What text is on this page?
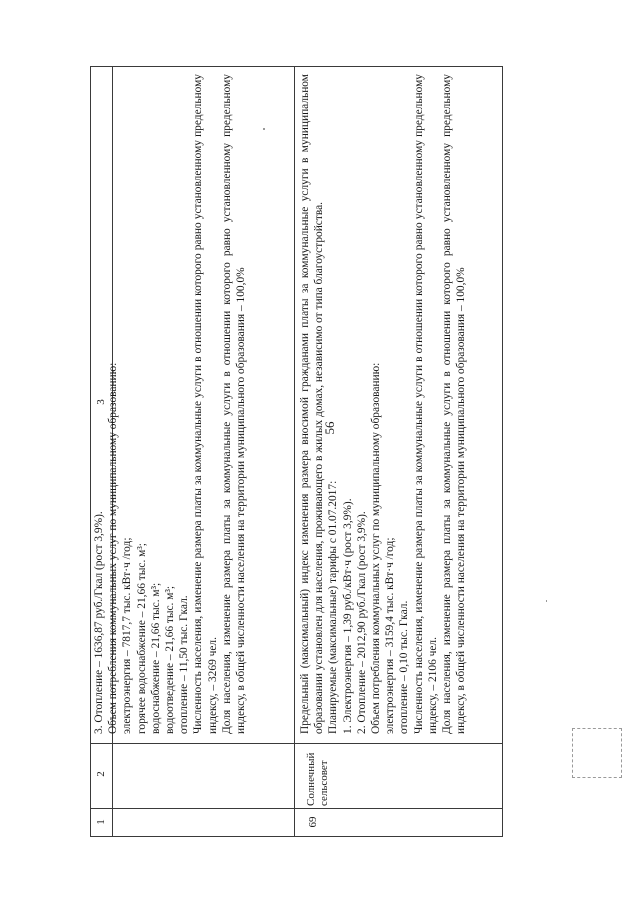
56
3
2
1

3. Отопление – 1636,87 руб./Гкал (рост 3,9%). Объем потребления коммунальных услуг по муниципальному образованию: электроэнергия – 7817,7 тыс. кВт·ч /год; горячее водоснабжение – 21,66 тыс. м³; водоснабжение – 21,66 тыс. м³; водоотведение – 21,66 тыс. м³; отопление – 11,50 тыс. Гкал. Численность населения, изменение размера платы за коммунальные услуги в отношении которого равно установленному предельному индексу, – 3269 чел. Доля населения, изменение размера платы за коммунальные услуги в отношении которого равно установленному предельному индексу, в общей численности населения на территории муниципального образования – 100,0%

69

Солнечный сельсовет

Предельный (максимальный) индекс изменения размера вносимой гражданами платы за коммунальные услуги в муниципальном образовании установлен для населения, проживающего в жилых домах, независимо от типа благоустройства. Планируемые (максимальные) тарифы с 01.07.2017: 1. Электроэнергия – 1,39 руб./кВт·ч (рост 3,9%). 2. Отопление – 2012,90 руб./Гкал (рост 3,9%). Объем потребления коммунальных услуг по муниципальному образованию: электроэнергия – 3159,4 тыс. кВт·ч /год; отопление – 0,10 тыс. Гкал. Численность населения, изменение размера платы за коммунальные услуги в отношении которого равно установленному предельному индексу, – 2106 чел. Доля населения, изменение размера платы за коммунальные услуги в отношении которого равно установленному предельному индексу, в общей численности населения на территории муниципального образования – 100,0%
